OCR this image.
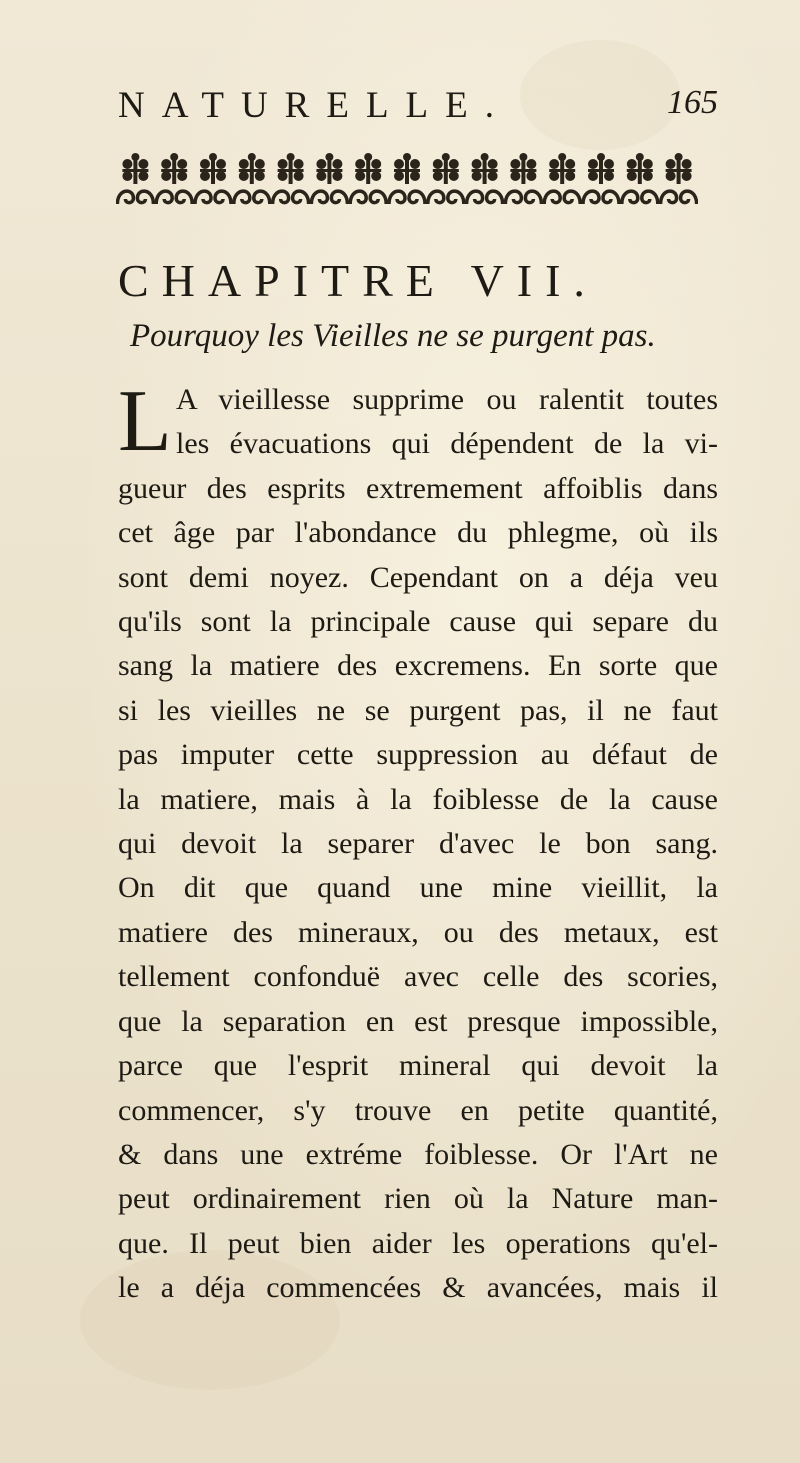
NATURELLE.	165
CHAPITRE VII.
Pourquoy les Vieilles ne se purgent pas.
L A vieillesse supprime ou ralentit toutes
les évacuations qui dépendent de la vi-
gueur des esprits extremement affoiblis dans
cet âge par l'abondance du phlegme, où ils
sont demi noyez. Cependant on a déja veu
qu'ils sont la principale cause qui separe du
sang la matiere des excremens. En sorte que
si les vieilles ne se purgent pas, il ne faut
pas imputer cette suppression au défaut de
la matiere, mais à la foiblesse de la cause
qui devoit la separer d'avec le bon sang.
On dit que quand une mine vieillit, la
matiere des mineraux, ou des metaux, est
tellement confonduë avec celle des scories,
que la separation en est presque impossible,
parce que l'esprit mineral qui devoit la
commencer, s'y trouve en petite quantité,
& dans une extréme foiblesse. Or l'Art ne
peut ordinairement rien où la Nature man-
que. Il peut bien aider les operations qu'el-
le a déja commencées & avancées, mais il
